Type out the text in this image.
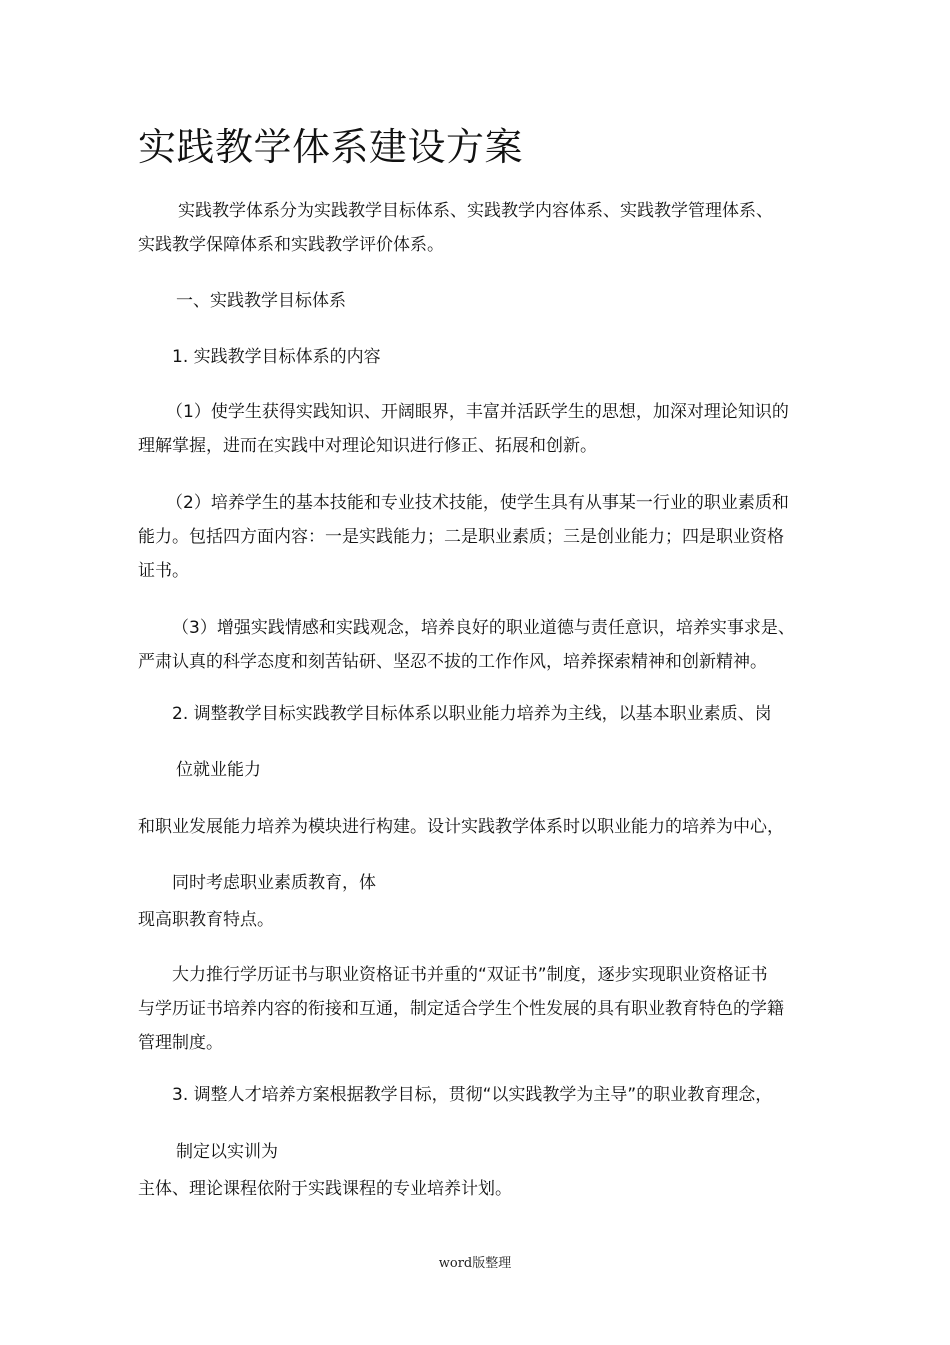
实践教学体系建设方案
实践教学体系分为实践教学目标体系、实践教学内容体系、实践教学管理体系、
实践教学保障体系和实践教学评价体系。
一、实践教学目标体系
1. 实践教学目标体系的内容
（1）使学生获得实践知识、开阔眼界，丰富并活跃学生的思想，加深对理论知识的
理解掌握，进而在实践中对理论知识进行修正、拓展和创新。
（2）培养学生的基本技能和专业技术技能，使学生具有从事某一行业的职业素质和
能力。包括四方面内容：一是实践能力；二是职业素质；三是创业能力；四是职业资格
证书。
（3）增强实践情感和实践观念，培养良好的职业道德与责任意识，培养实事求是、
严肃认真的科学态度和刻苦钻研、坚忍不拔的工作作风，培养探索精神和创新精神。
2. 调整教学目标实践教学目标体系以职业能力培养为主线，以基本职业素质、岗
位就业能力
和职业发展能力培养为模块进行构建。设计实践教学体系时以职业能力的培养为中心，
同时考虑职业素质教育，体
现高职教育特点。
大力推行学历证书与职业资格证书并重的“双证书”制度，逐步实现职业资格证书
与学历证书培养内容的衔接和互通，制定适合学生个性发展的具有职业教育特色的学籍
管理制度。
3. 调整人才培养方案根据教学目标，贯彻“以实践教学为主导”的职业教育理念，
制定以实训为
主体、理论课程依附于实践课程的专业培养计划。
word版整理
